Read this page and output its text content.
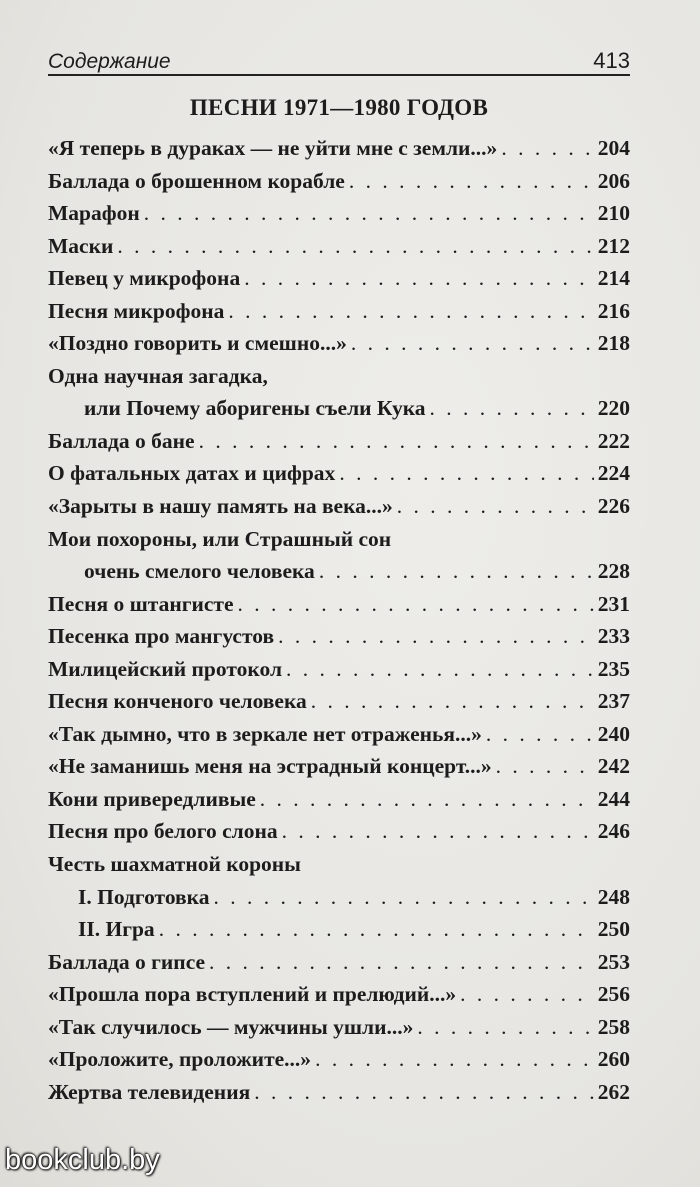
Содержание	413
ПЕСНИ 1971—1980 ГОДОВ
«Я теперь в дураках — не уйти мне с земли...» . . .	204
Баллада о брошенном корабле . . .	206
Марафон . . .	210
Маски . . .	212
Певец у микрофона . . .	214
Песня микрофона . . .	216
«Поздно говорить и смешно...» . . .	218
Одна научная загадка,
или Почему аборигены съели Кука . . .	220
Баллада о бане . . .	222
О фатальных датах и цифрах . . .	224
«Зарыты в нашу память на века...» . . .	226
Мои похороны, или Страшный сон
очень смелого человека . . .	228
Песня о штангисте . . .	231
Песенка про мангустов . . .	233
Милицейский протокол . . .	235
Песня конченого человека . . .	237
«Так дымно, что в зеркале нет отраженья...» . . .	240
«Не заманишь меня на эстрадный концерт...» . . .	242
Кони привередливые . . .	244
Песня про белого слона . . .	246
Честь шахматной короны
I. Подготовка . . .	248
II. Игра . . .	250
Баллада о гипсе . . .	253
«Прошла пора вступлений и прелюдий...» . . .	256
«Так случилось — мужчины ушли...» . . .	258
«Проложите, проложите...» . . .	260
Жертва телевидения . . .	262
bookclub.by
